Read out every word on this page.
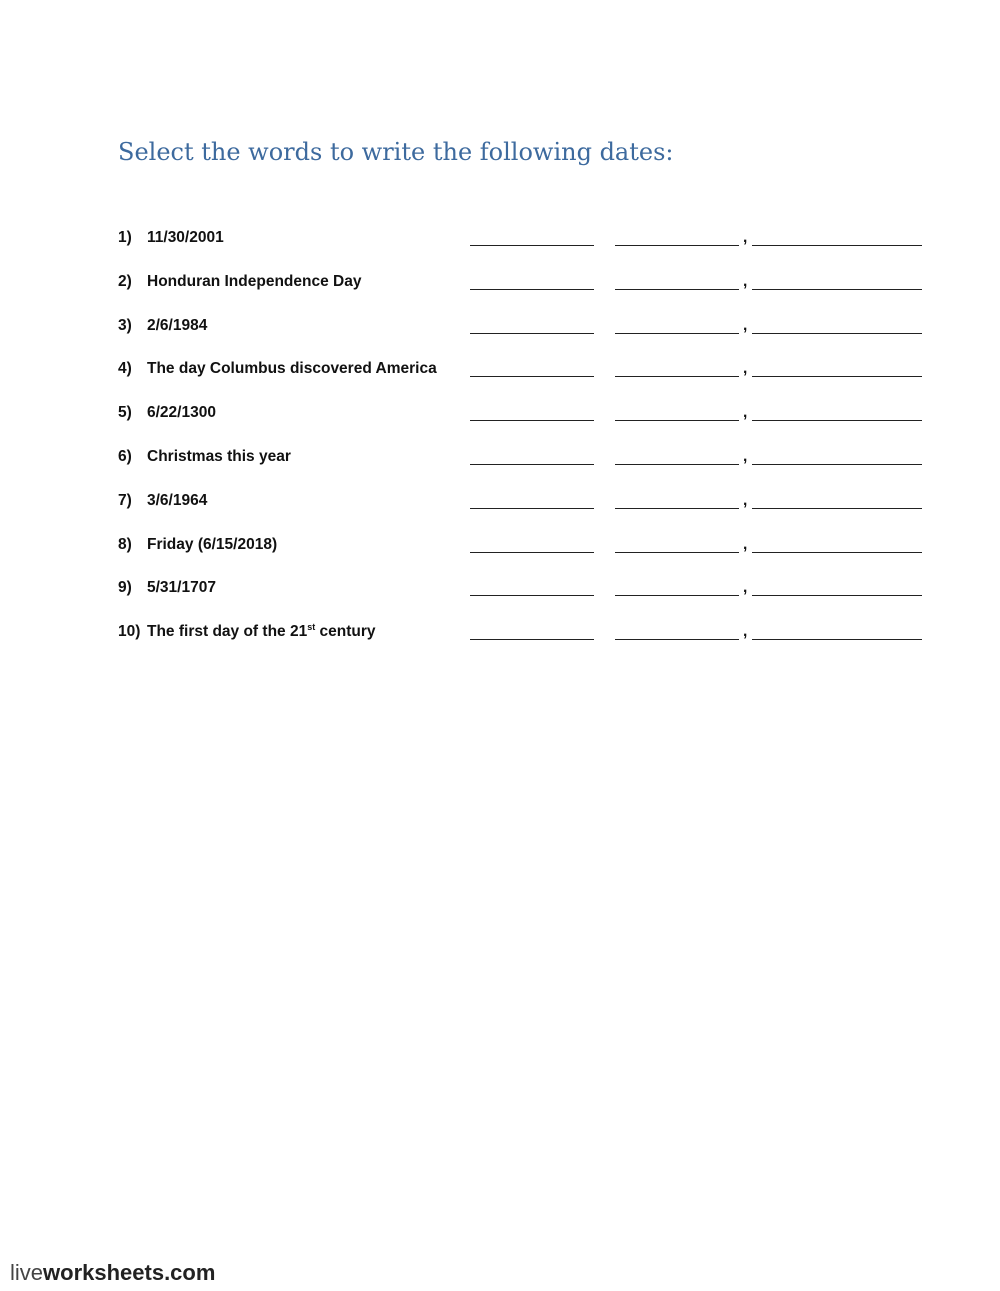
Select the words to write the following dates:
1) 11/30/2001	,
2) Honduran Independence Day	,
3) 2/6/1984	,
4) The day Columbus discovered America	,
5) 6/22/1300	,
6) Christmas this year	,
7) 3/6/1964	,
8) Friday (6/15/2018)	,
9) 5/31/1707	,
10) The first day of the 21st century	,
liveworksheets.com
